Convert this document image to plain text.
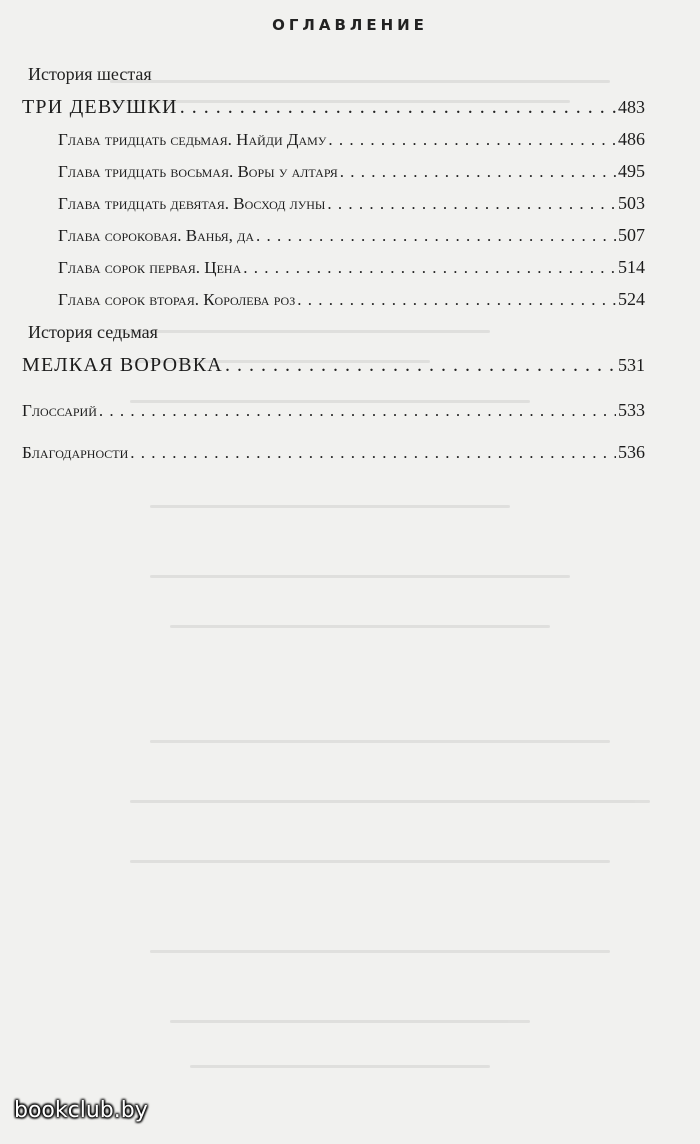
ОГЛАВЛЕНИЕ
История шестая
ТРИ ДЕВУШКИ . . .	483
Глава тридцать седьмая. Найди Даму . . .	486
Глава тридцать восьмая. Воры у алтаря . . .	495
Глава тридцать девятая. Восход луны . . .	503
Глава сороковая. Ванья, да . . .	507
Глава сорок первая. Цена . . .	514
Глава сорок вторая. Королева роз . . .	524
История седьмая
МЕЛКАЯ ВОРОВКА . . .	531
Глоссарий . . .	533
Благодарности . . .	536
bookclub.by
